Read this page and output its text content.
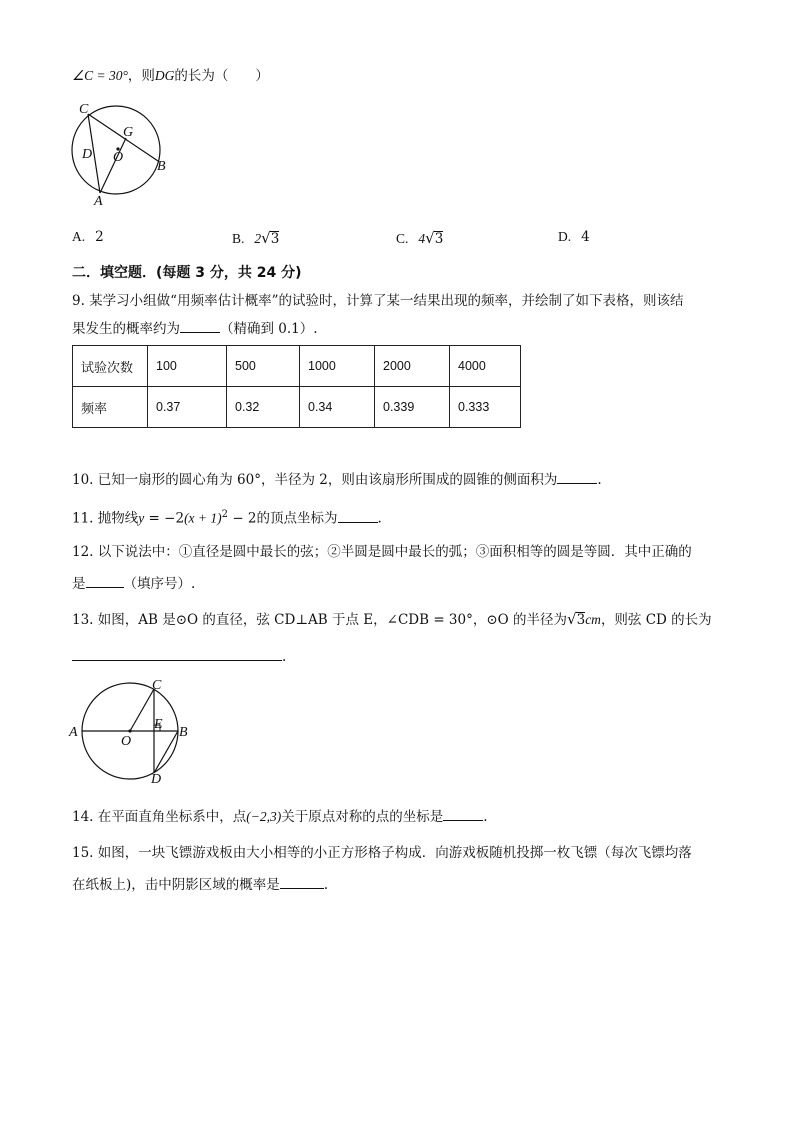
∠C = 30°，则DG的长为（　　）
C
G
D O
B
A
A. 2	B. 2√3	C. 4√3	D. 4
二．填空题．(每题 3 分，共 24 分)
9. 某学习小组做“用频率估计概率”的试验时，计算了某一结果出现的频率，并绘制了如下表格，则该结
果发生的概率约为	（精确到 0.1）.
试验次数	100	500	1000	2000	4000
频率	0.37	0.32	0.34	0.339	0.333
10. 已知一扇形的圆心角为 60°，半径为 2，则由该扇形所围成的圆锥的侧面积为	.
11. 抛物线$y = -2(x + 1)^2 - 2$的顶点坐标为	.
12. 以下说法中：①直径是圆中最长的弦；②半圆是圆中最长的弧；③面积相等的圆是等圆．其中正确的
是	（填序号）.
13. 如图，AB 是⊙O 的直径，弦 CD⊥AB 于点 E，∠CDB = 30°，⊙O 的半径为√3cm，则弦 CD 的长为
.
A	B
C
D
E
O
14. 在平面直角坐标系中，点(−2,3)关于原点对称的点的坐标是	.
15. 如图，一块飞镖游戏板由大小相等的小正方形格子构成．向游戏板随机投掷一枚飞镖（每次飞镖均落
在纸板上)，击中阴影区域的概率是	.
